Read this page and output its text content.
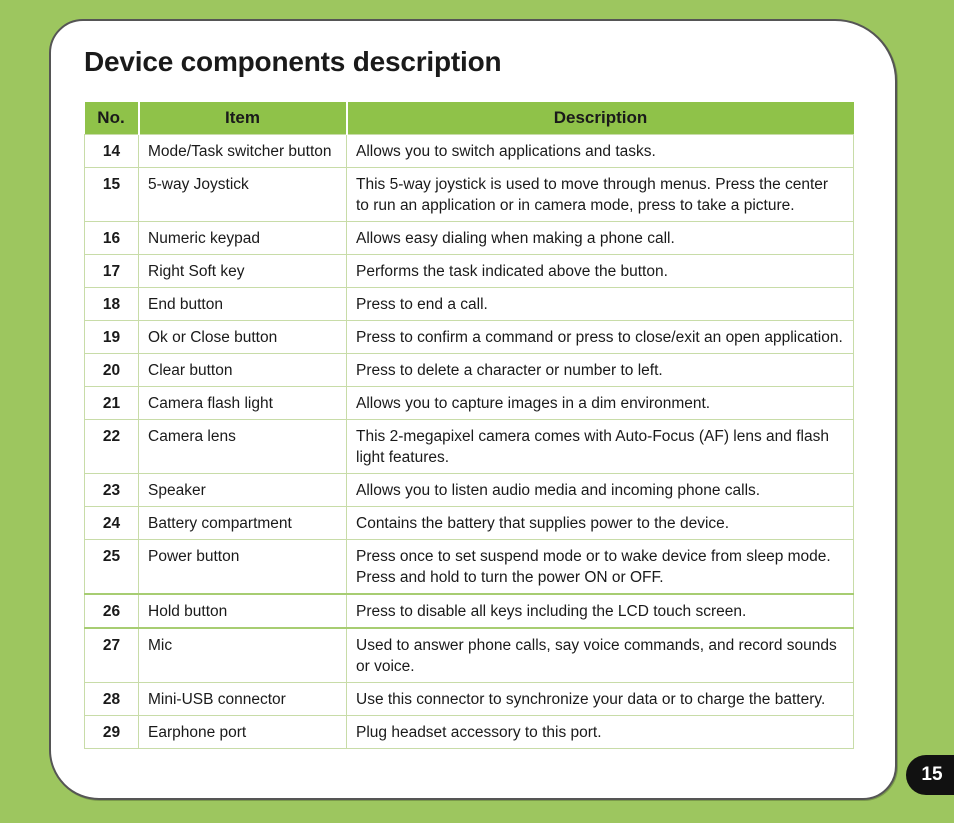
Device components description
No.	Item	Description
14	Mode/Task switcher button	Allows you to switch applications and tasks.
15	5-way Joystick	This 5-way joystick is used to move through menus. Press the center to run an application or in camera mode, press to take a picture.
16	Numeric keypad	Allows easy dialing when making a phone call.
17	Right Soft key	Performs the task indicated above the button.
18	End button	Press to end a call.
19	Ok or Close button	Press to confirm a command or press to close/exit an open application.
20	Clear button	Press to delete a character or number to left.
21	Camera flash light	Allows you to capture images in a dim environment.
22	Camera lens	This 2-megapixel camera comes with Auto-Focus (AF) lens and flash light features.
23	Speaker	Allows you to listen audio media and incoming phone calls.
24	Battery compartment	Contains the battery that supplies power to the device.
25	Power button	Press once to set suspend mode or to wake device from sleep mode. Press and hold to turn the power ON or OFF.
26	Hold button	Press to disable all keys including the LCD touch screen.
27	Mic	Used to answer phone calls, say voice commands, and record sounds or voice.
28	Mini-USB connector	Use this connector to synchronize your data or to charge the battery.
29	Earphone port	Plug headset accessory to this port.
15
